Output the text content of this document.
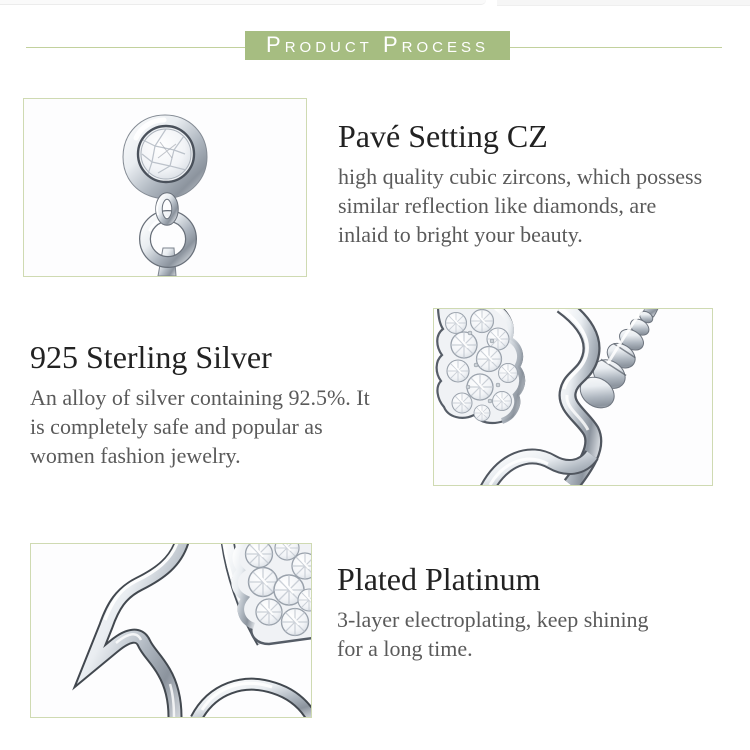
Product Process
Pavé Setting CZ
high quality cubic zircons, which possess
similar reflection like diamonds, are
inlaid to bright your beauty.
925 Sterling Silver
An alloy of silver containing 92.5%. It
is completely safe and popular as
women fashion jewelry.
Plated Platinum
3-layer electroplating, keep shining
for a long time.
